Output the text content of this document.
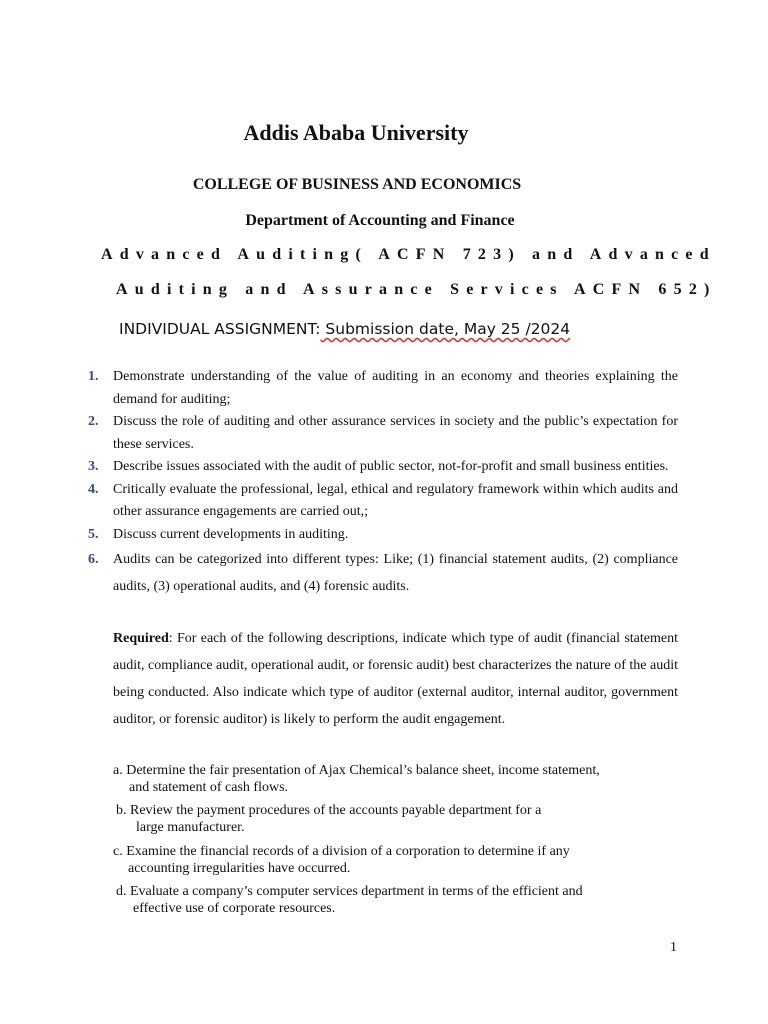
Addis Ababa University
COLLEGE OF BUSINESS AND ECONOMICS
Department of Accounting and Finance
Advanced Auditing( ACFN 723) and Advanced
Auditing and Assurance Services ACFN 652)
INDIVIDUAL ASSIGNMENT: Submission date, May 25 /2024
1. Demonstrate understanding of the value of auditing in an economy and theories explaining the demand for auditing;
2. Discuss the role of auditing and other assurance services in society and the public’s expectation for these services.
3. Describe issues associated with the audit of public sector, not-for-profit and small business entities.
4. Critically evaluate the professional, legal, ethical and regulatory framework within which audits and other assurance engagements are carried out,;
5. Discuss current developments in auditing.
6. Audits can be categorized into different types: Like; (1) financial statement audits, (2) compliance audits, (3) operational audits, and (4) forensic audits.
Required: For each of the following descriptions, indicate which type of audit (financial statement audit, compliance audit, operational audit, or forensic audit) best characterizes the nature of the audit being conducted. Also indicate which type of auditor (external auditor, internal auditor, government auditor, or forensic auditor) is likely to perform the audit engagement.
a. Determine the fair presentation of Ajax Chemical’s balance sheet, income statement,
and statement of cash flows.
b. Review the payment procedures of the accounts payable department for a
large manufacturer.
c. Examine the financial records of a division of a corporation to determine if any
accounting irregularities have occurred.
d. Evaluate a company’s computer services department in terms of the efficient and
effective use of corporate resources.
1
